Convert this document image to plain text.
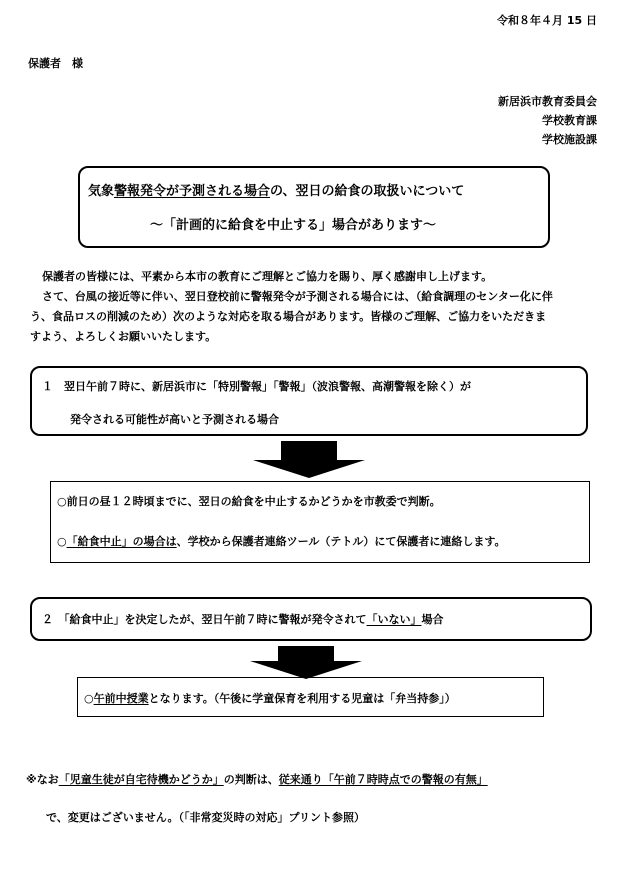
令和８年４月 15 日
保護者　様
新居浜市教育委員会
学校教育課
学校施設課
気象警報発令が予測される場合の、翌日の給食の取扱いについて
～「計画的に給食を中止する」場合があります～
保護者の皆様には、平素から本市の教育にご理解とご協力を賜り、厚く感謝申し上げます。
さて、台風の接近等に伴い、翌日登校前に警報発令が予測される場合には、（給食調理のセンター化に伴
う、食品ロスの削減のため）次のような対応を取る場合があります。皆様のご理解、ご協力をいただきま
すよう、よろしくお願いいたします。
１　翌日午前７時に、新居浜市に「特別警報」「警報」（波浪警報、高潮警報を除く）が
発令される可能性が高いと予測される場合
○前日の昼１２時頃までに、翌日の給食を中止するかどうかを市教委で判断。
○「給食中止」の場合は、学校から保護者連絡ツール（テトル）にて保護者に連絡します。
２　「給食中止」を決定したが、翌日午前７時に警報が発令されて「いない」場合
○午前中授業となります。（午後に学童保育を利用する児童は「弁当持参」）
※なお「児童生徒が自宅待機かどうか」の判断は、従来通り「午前７時時点での警報の有無」
で、変更はございません。（「非常変災時の対応」プリント参照）
